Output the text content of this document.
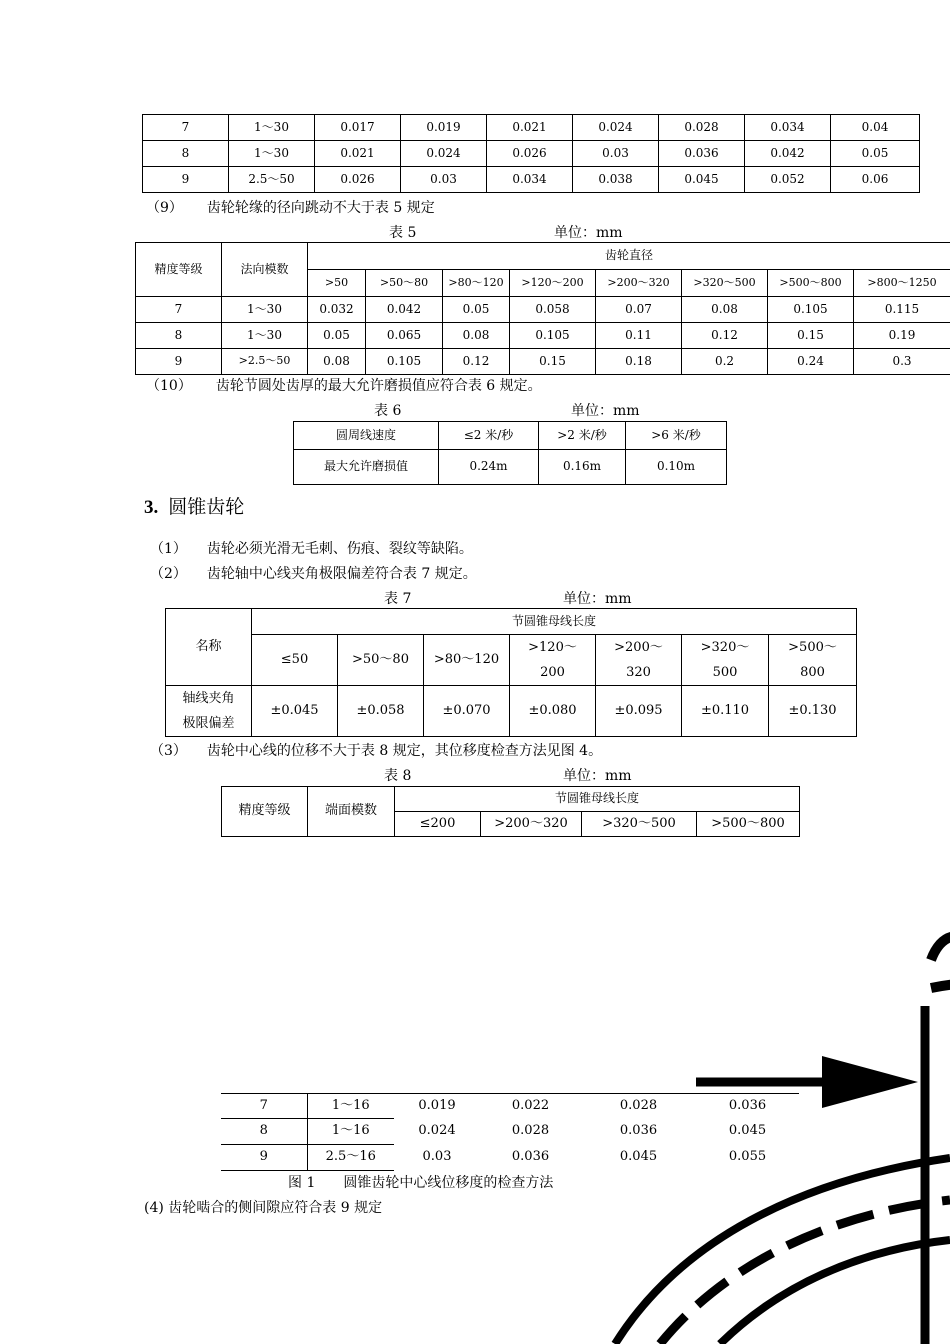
7	1～30	0.017	0.019	0.021	0.024	0.028	0.034	0.04
8	1～30	0.021	0.024	0.026	0.03	0.036	0.042	0.05
9	2.5～50	0.026	0.03	0.034	0.038	0.045	0.052	0.06
（9） 齿轮轮缘的径向跳动不大于表 5 规定
表 5	单位：mm
精度等级	法向模数	齿轮直径							
		>50	>50～80	>80～120	>120～200	>200～320	>320～500	>500～800	>800～1250
7	1～30	0.032	0.042	0.05	0.058	0.07	0.08	0.105	0.115
8	1～30	0.05	0.065	0.08	0.105	0.11	0.12	0.15	0.19
9	>2.5～50	0.08	0.105	0.12	0.15	0.18	0.2	0.24	0.3
（10） 齿轮节圆处齿厚的最大允许磨损值应符合表 6 规定。
表 6	单位：mm
圆周线速度	≤2 米/秒	>2 米/秒	>6 米/秒
最大允许磨损值	0.24m	0.16m	0.10m
3. 圆锥齿轮
（1） 齿轮必须光滑无毛刺、伤痕、裂纹等缺陷。
（2） 齿轮轴中心线夹角极限偏差符合表 7 规定。
表 7	单位：mm
名称	节圆锥母线长度						
	≤50	>50～80	>80～120	>120～
200	>200～
320	>320～
500	>500～
800
轴线夹角
极限偏差	±0.045	±0.058	±0.070	±0.080	±0.095	±0.110	±0.130
（3） 齿轮中心线的位移不大于表 8 规定，其位移度检查方法见图 4。
表 8	单位：mm
精度等级	端面模数	节圆锥母线长度			
		≤200	>200～320	>320～500	>500～800
7	1～16	0.019	0.022	0.028	0.036
8	1～16	0.024	0.028	0.036	0.045
9	2.5～16	0.03	0.036	0.045	0.055
图 1 圆锥齿轮中心线位移度的检查方法
(4) 齿轮啮合的侧间隙应符合表 9 规定
